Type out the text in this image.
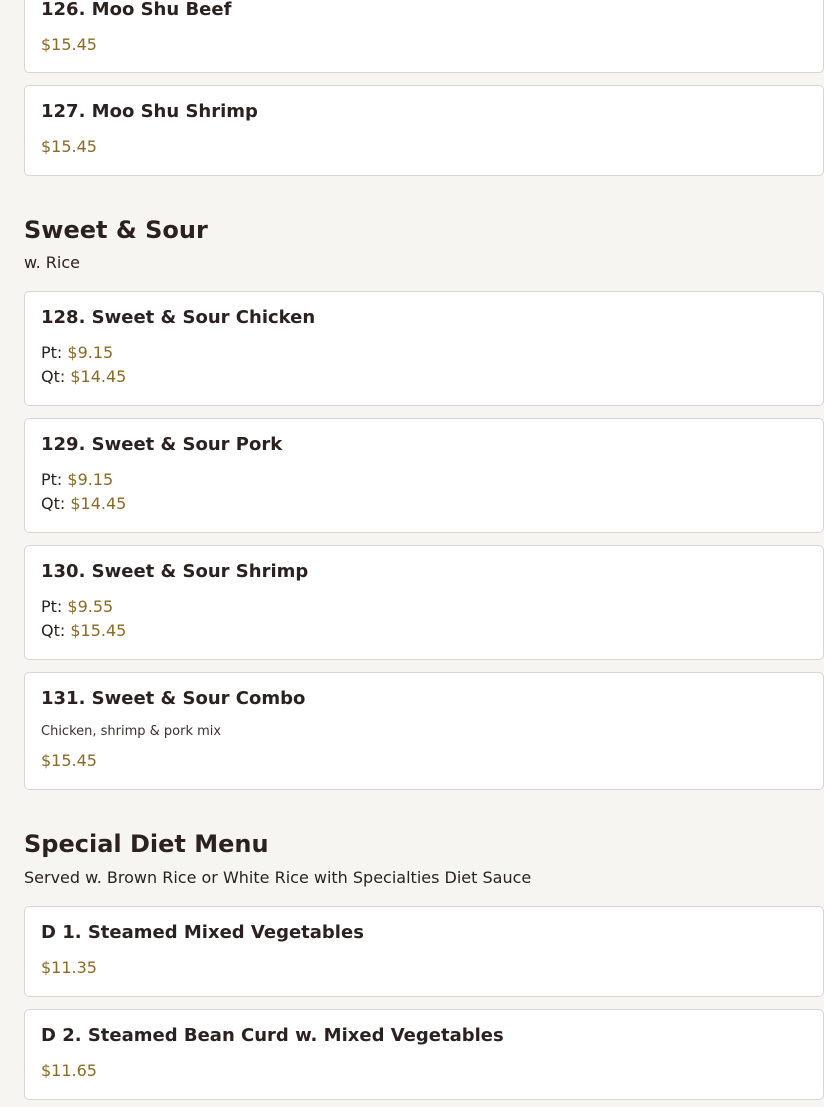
126. Moo Shu Beef
$15.45
127. Moo Shu Shrimp
$15.45
Sweet & Sour
w. Rice
128. Sweet & Sour Chicken
Pt: $9.15
Qt: $14.45
129. Sweet & Sour Pork
Pt: $9.15
Qt: $14.45
130. Sweet & Sour Shrimp
Pt: $9.55
Qt: $15.45
131. Sweet & Sour Combo
Chicken, shrimp & pork mix
$15.45
Special Diet Menu
Served w. Brown Rice or White Rice with Specialties Diet Sauce
D 1. Steamed Mixed Vegetables
$11.35
D 2. Steamed Bean Curd w. Mixed Vegetables
$11.65
